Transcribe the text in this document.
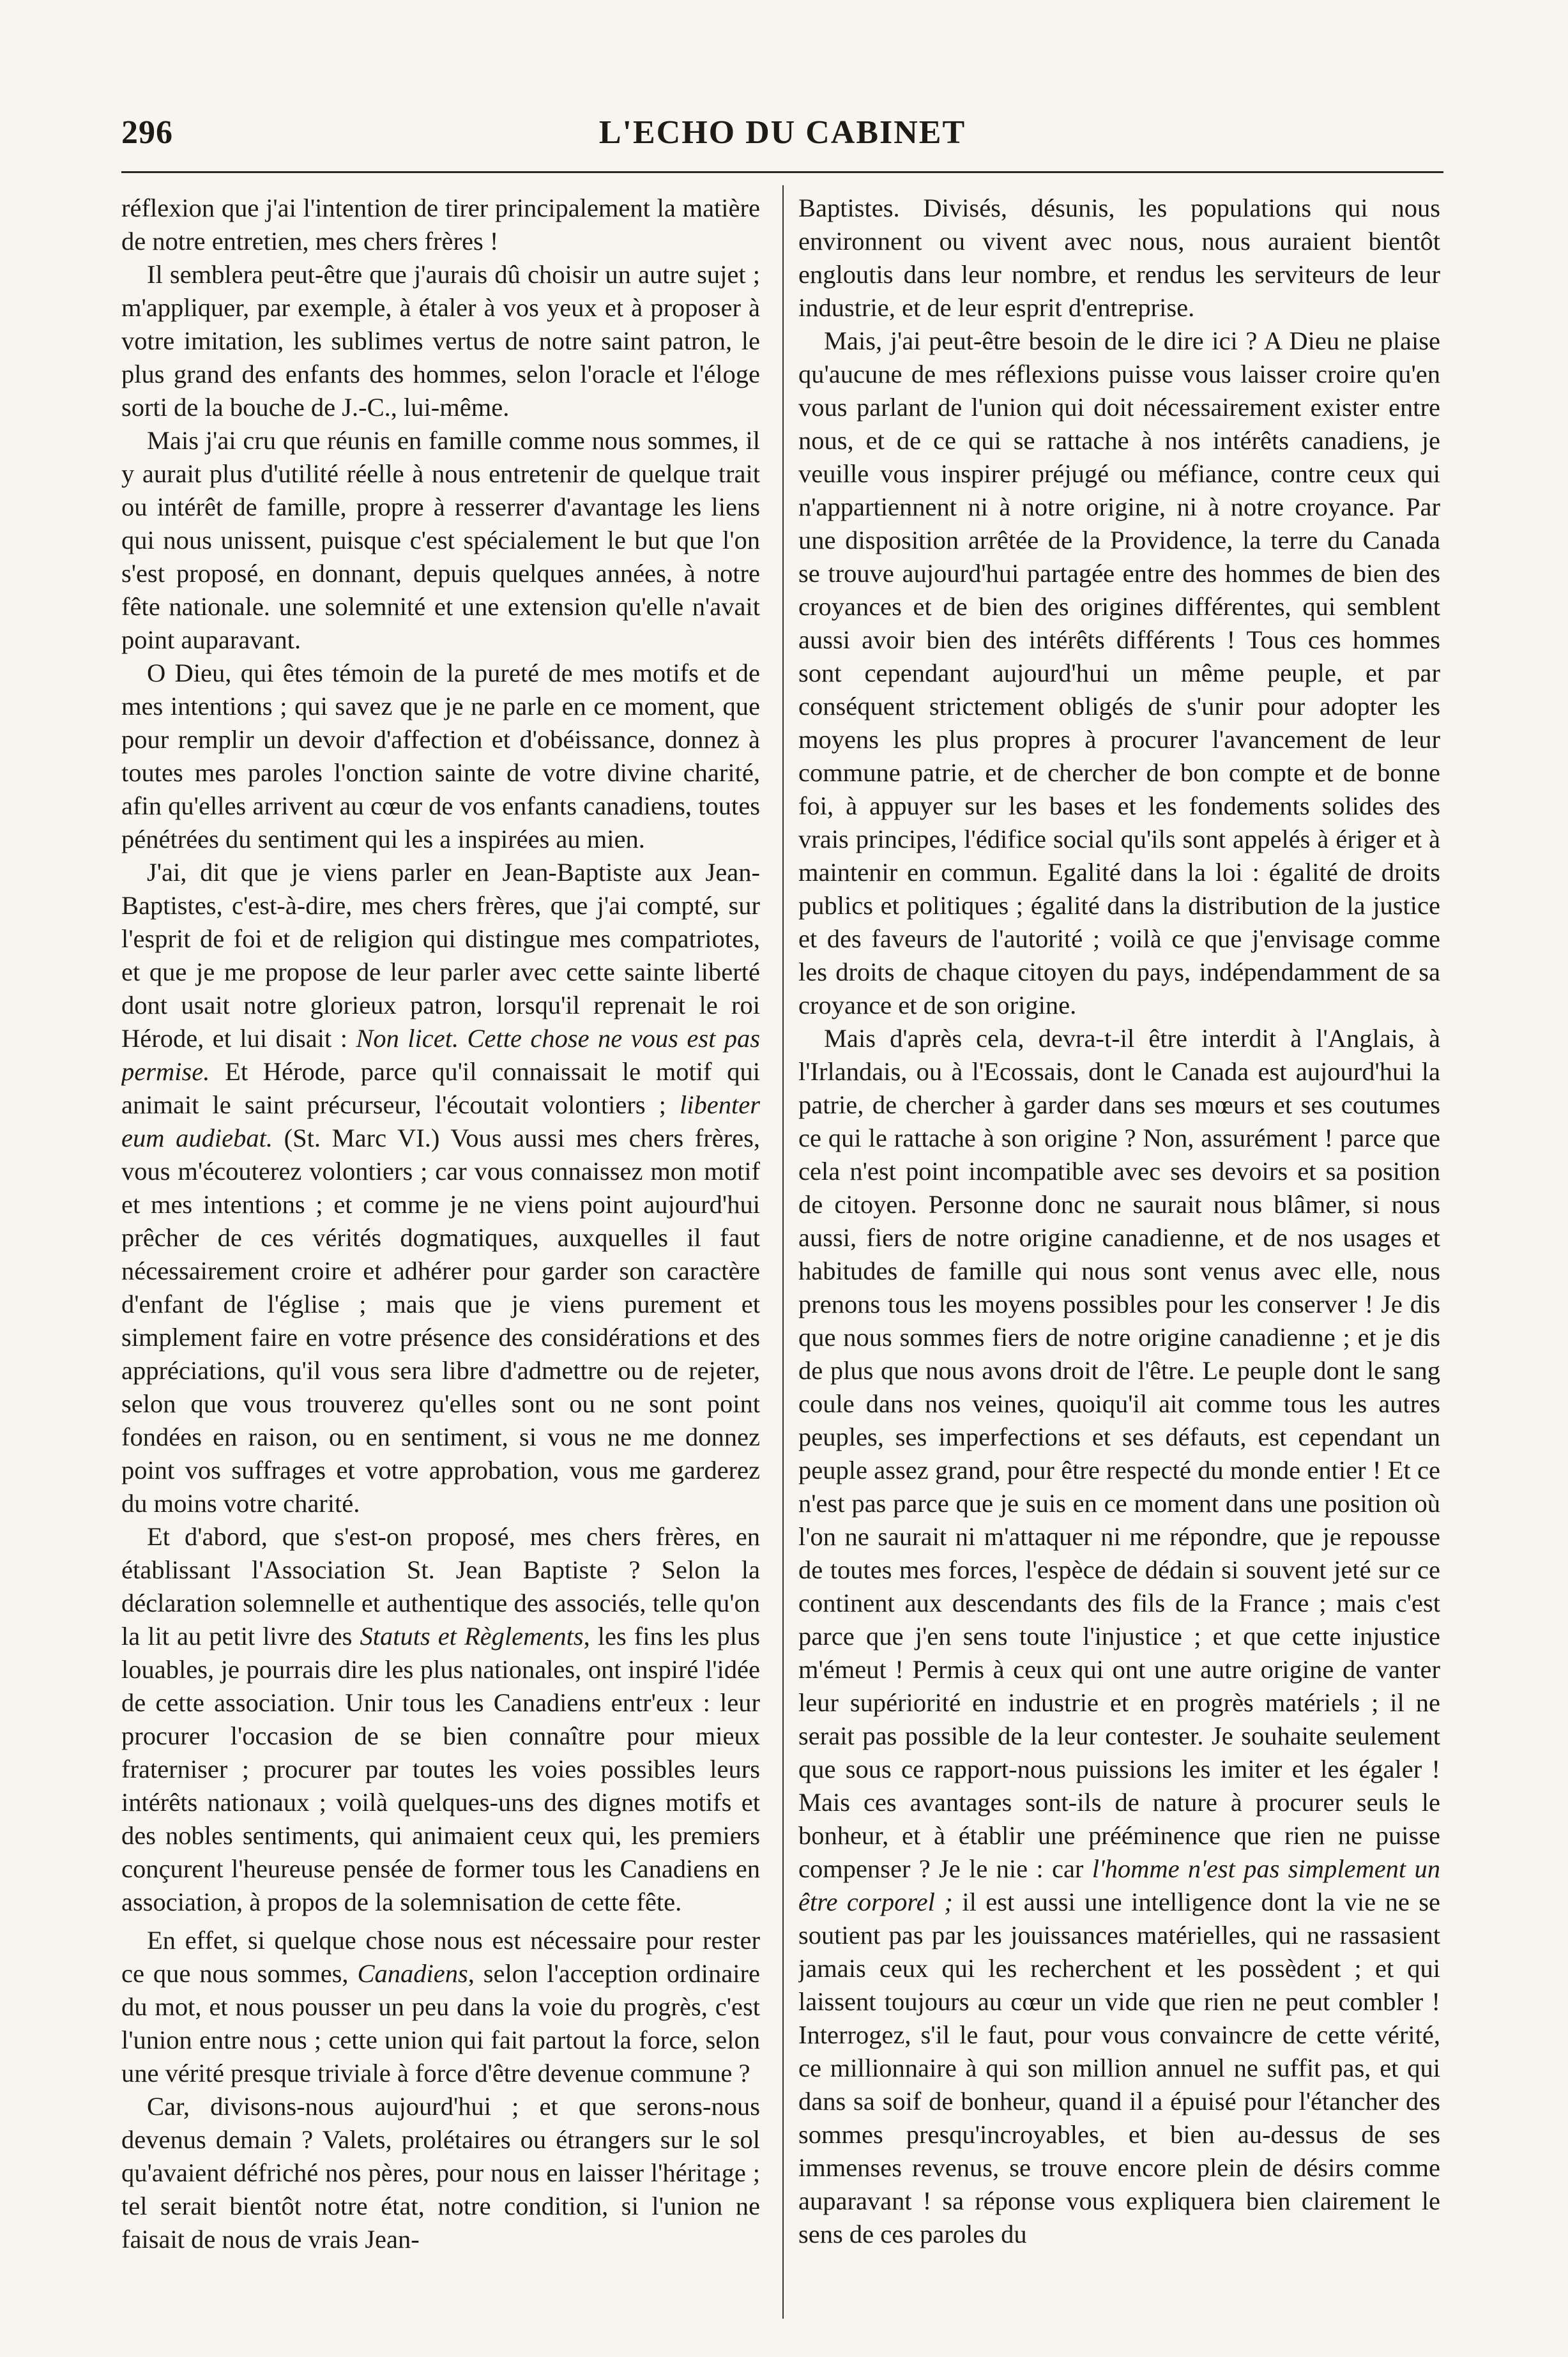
296	L'ECHO DU CABINET

réflexion que j'ai l'intention de tirer principalement la matière de notre entretien, mes chers frères !

Il semblera peut-être que j'aurais dû choisir un autre sujet ; m'appliquer, par exemple, à étaler à vos yeux et à proposer à votre imitation, les sublimes vertus de notre saint patron, le plus grand des enfants des hommes, selon l'oracle et l'éloge sorti de la bouche de J.-C., lui-même.

Mais j'ai cru que réunis en famille comme nous sommes, il y aurait plus d'utilité réelle à nous entretenir de quelque trait ou intérêt de famille, propre à resserrer d'avantage les liens qui nous unissent, puisque c'est spécialement le but que l'on s'est proposé, en donnant, depuis quelques années, à notre fête nationale. une solemnité et une extension qu'elle n'avait point auparavant.

O Dieu, qui êtes témoin de la pureté de mes motifs et de mes intentions ; qui savez que je ne parle en ce moment, que pour remplir un devoir d'affection et d'obéissance, donnez à toutes mes paroles l'onction sainte de votre divine charité, afin qu'elles arrivent au cœur de vos enfants canadiens, toutes pénétrées du sentiment qui les a inspirées au mien.

J'ai, dit que je viens parler en Jean-Baptiste aux Jean-Baptistes, c'est-à-dire, mes chers frères, que j'ai compté, sur l'esprit de foi et de religion qui distingue mes compatriotes, et que je me propose de leur parler avec cette sainte liberté dont usait notre glorieux patron, lorsqu'il reprenait le roi Hérode, et lui disait : Non licet. Cette chose ne vous est pas permise. Et Hérode, parce qu'il connaissait le motif qui animait le saint précurseur, l'écoutait volontiers ; libenter eum audiebat. (St. Marc VI.) Vous aussi mes chers frères, vous m'écouterez volontiers ; car vous connaissez mon motif et mes intentions ; et comme je ne viens point aujourd'hui prêcher de ces vérités dogmatiques, auxquelles il faut nécessairement croire et adhérer pour garder son caractère d'enfant de l'église ; mais que je viens purement et simplement faire en votre présence des considérations et des appréciations, qu'il vous sera libre d'admettre ou de rejeter, selon que vous trouverez qu'elles sont ou ne sont point fondées en raison, ou en sentiment, si vous ne me donnez point vos suffrages et votre approbation, vous me garderez du moins votre charité.

Et d'abord, que s'est-on proposé, mes chers frères, en établissant l'Association St. Jean Baptiste ? Selon la déclaration solemnelle et authentique des associés, telle qu'on la lit au petit livre des Statuts et Règlements, les fins les plus louables, je pourrais dire les plus nationales, ont inspiré l'idée de cette association. Unir tous les Canadiens entr'eux : leur procurer l'occasion de se bien connaître pour mieux fraterniser ; procurer par toutes les voies possibles leurs intérêts nationaux ; voilà quelques-uns des dignes motifs et des nobles sentiments, qui animaient ceux qui, les premiers conçurent l'heureuse pensée de former tous les Canadiens en association, à propos de la solemnisation de cette fête.

En effet, si quelque chose nous est nécessaire pour rester ce que nous sommes, Canadiens, selon l'acception ordinaire du mot, et nous pousser un peu dans la voie du progrès, c'est l'union entre nous ; cette union qui fait partout la force, selon une vérité presque triviale à force d'être devenue commune ?

Car, divisons-nous aujourd'hui ; et que serons-nous devenus demain ? Valets, prolétaires ou étrangers sur le sol qu'avaient défriché nos pères, pour nous en laisser l'héritage ; tel serait bientôt notre état, notre condition, si l'union ne faisait de nous de vrais Jean-

Baptistes. Divisés, désunis, les populations qui nous environnent ou vivent avec nous, nous auraient bientôt engloutis dans leur nombre, et rendus les serviteurs de leur industrie, et de leur esprit d'entreprise.

Mais, j'ai peut-être besoin de le dire ici ? A Dieu ne plaise qu'aucune de mes réflexions puisse vous laisser croire qu'en vous parlant de l'union qui doit nécessairement exister entre nous, et de ce qui se rattache à nos intérêts canadiens, je veuille vous inspirer préjugé ou méfiance, contre ceux qui n'appartiennent ni à notre origine, ni à notre croyance. Par une disposition arrêtée de la Providence, la terre du Canada se trouve aujourd'hui partagée entre des hommes de bien des croyances et de bien des origines différentes, qui semblent aussi avoir bien des intérêts différents ! Tous ces hommes sont cependant aujourd'hui un même peuple, et par conséquent strictement obligés de s'unir pour adopter les moyens les plus propres à procurer l'avancement de leur commune patrie, et de chercher de bon compte et de bonne foi, à appuyer sur les bases et les fondements solides des vrais principes, l'édifice social qu'ils sont appelés à ériger et à maintenir en commun. Egalité dans la loi : égalité de droits publics et politiques ; égalité dans la distribution de la justice et des faveurs de l'autorité ; voilà ce que j'envisage comme les droits de chaque citoyen du pays, indépendamment de sa croyance et de son origine.

Mais d'après cela, devra-t-il être interdit à l'Anglais, à l'Irlandais, ou à l'Ecossais, dont le Canada est aujourd'hui la patrie, de chercher à garder dans ses mœurs et ses coutumes ce qui le rattache à son origine ? Non, assurément ! parce que cela n'est point incompatible avec ses devoirs et sa position de citoyen. Personne donc ne saurait nous blâmer, si nous aussi, fiers de notre origine canadienne, et de nos usages et habitudes de famille qui nous sont venus avec elle, nous prenons tous les moyens possibles pour les conserver ! Je dis que nous sommes fiers de notre origine canadienne ; et je dis de plus que nous avons droit de l'être. Le peuple dont le sang coule dans nos veines, quoiqu'il ait comme tous les autres peuples, ses imperfections et ses défauts, est cependant un peuple assez grand, pour être respecté du monde entier ! Et ce n'est pas parce que je suis en ce moment dans une position où l'on ne saurait ni m'attaquer ni me répondre, que je repousse de toutes mes forces, l'espèce de dédain si souvent jeté sur ce continent aux descendants des fils de la France ; mais c'est parce que j'en sens toute l'injustice ; et que cette injustice m'émeut ! Permis à ceux qui ont une autre origine de vanter leur supériorité en industrie et en progrès matériels ; il ne serait pas possible de la leur contester. Je souhaite seulement que sous ce rapport-nous puissions les imiter et les égaler ! Mais ces avantages sont-ils de nature à procurer seuls le bonheur, et à établir une prééminence que rien ne puisse compenser ? Je le nie : car l'homme n'est pas simplement un être corporel ; il est aussi une intelligence dont la vie ne se soutient pas par les jouissances matérielles, qui ne rassasient jamais ceux qui les recherchent et les possèdent ; et qui laissent toujours au cœur un vide que rien ne peut combler ! Interrogez, s'il le faut, pour vous convaincre de cette vérité, ce millionnaire à qui son million annuel ne suffit pas, et qui dans sa soif de bonheur, quand il a épuisé pour l'étancher des sommes presqu'incroyables, et bien au-dessus de ses immenses revenus, se trouve encore plein de désirs comme auparavant ! sa réponse vous expliquera bien clairement le sens de ces paroles du
